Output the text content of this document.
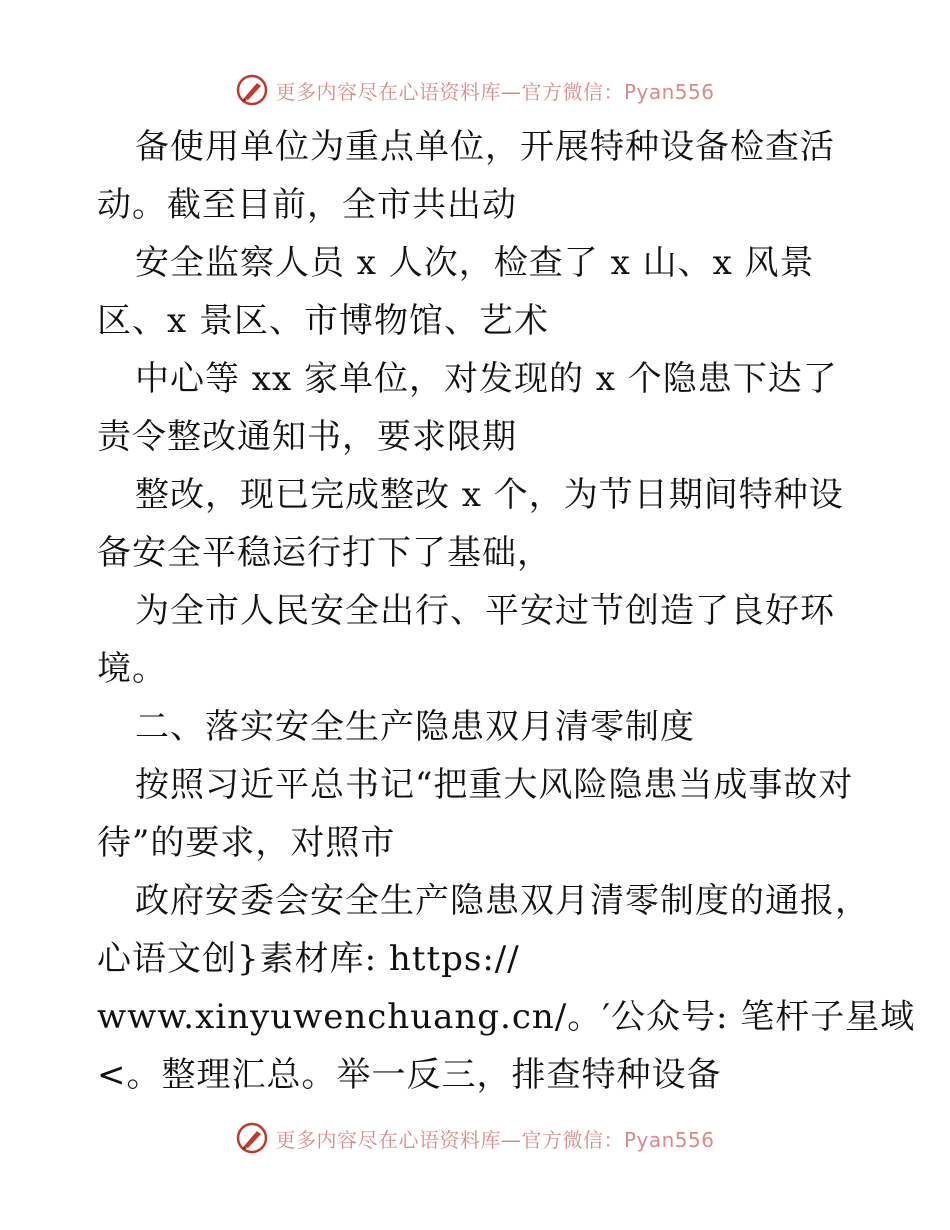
更多内容尽在心语资料库—官方微信：Pyan556
备使用单位为重点单位，开展特种设备检查活
动。截至目前，全市共出动
安全监察人员 x 人次，检查了 x 山、x 风景
区、x 景区、市博物馆、艺术
中心等 xx 家单位，对发现的 x 个隐患下达了
责令整改通知书，要求限期
整改，现已完成整改 x 个，为节日期间特种设
备安全平稳运行打下了基础，
为全市人民安全出行、平安过节创造了良好环
境。
二、落实安全生产隐患双月清零制度
按照习近平总书记“把重大风险隐患当成事故对
待”的要求，对照市
政府安委会安全生产隐患双月清零制度的通报，
心语文创}素材库: https://
www.xinyuwenchuang.cn/。′公众号: 笔杆子星域
<。整理汇总。举一反三，排查特种设备
更多内容尽在心语资料库—官方微信：Pyan556
